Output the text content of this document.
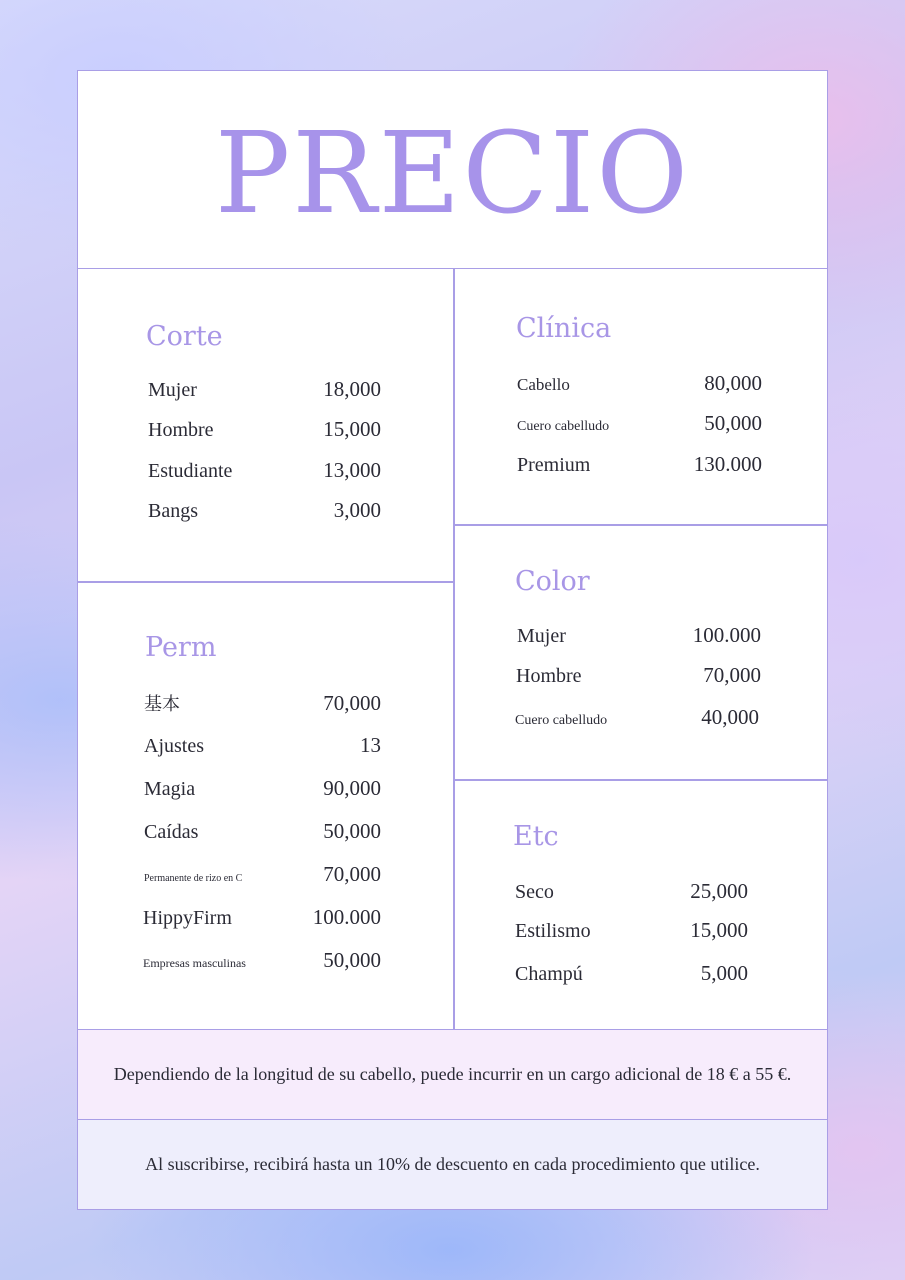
PRECIO
Corte
Mujer	18,000
Hombre	15,000
Estudiante	13,000
Bangs	3,000
Clínica
Cabello	80,000
Cuero cabelludo	50,000
Premium	130.000
Perm
基本	70,000
Ajustes	13
Magia	90,000
Caídas	50,000
Permanente de rizo en C	70,000
HippyFirm	100.000
Empresas masculinas	50,000
Color
Mujer	100.000
Hombre	70,000
Cuero cabelludo	40,000
Etc
Seco	25,000
Estilismo	15,000
Champú	5,000
Dependiendo de la longitud de su cabello, puede incurrir en un cargo adicional de 18 € a 55 €.
Al suscribirse, recibirá hasta un 10% de descuento en cada procedimiento que utilice.
